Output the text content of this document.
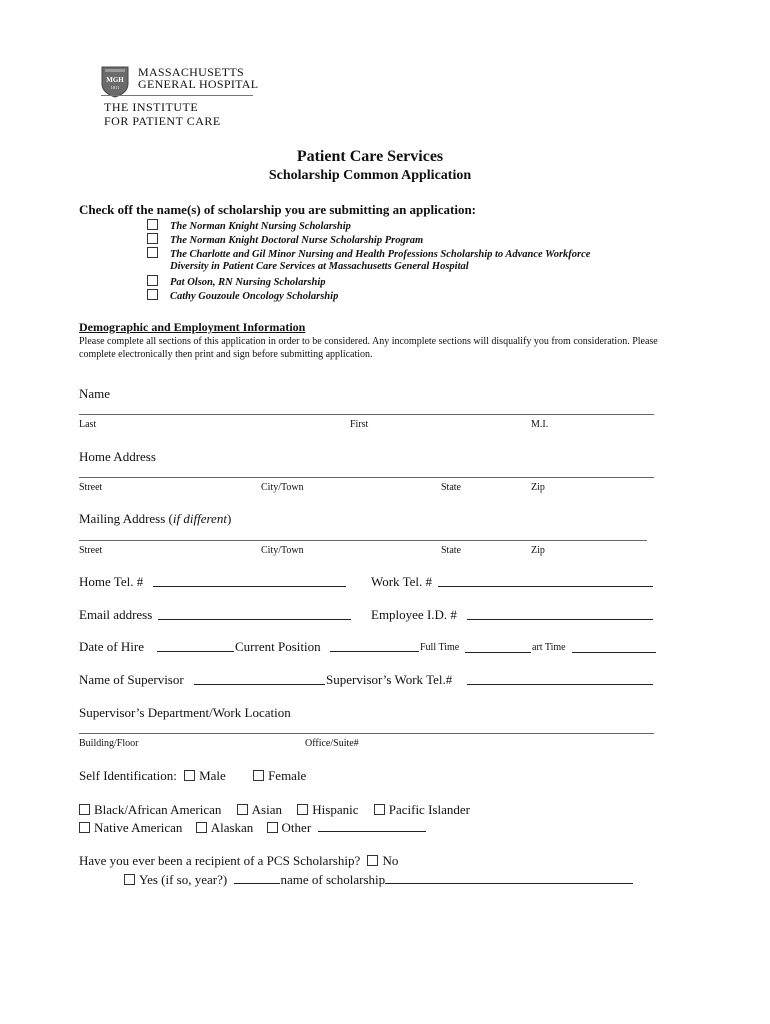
MGH
1811
MASSACHUSETTS
GENERAL HOSPITAL
THE INSTITUTE
FOR PATIENT CARE
Patient Care Services
Scholarship Common Application
Check off the name(s) of scholarship you are submitting an application:
The Norman Knight Nursing Scholarship
The Norman Knight Doctoral Nurse Scholarship Program
The Charlotte and Gil Minor Nursing and Health Professions Scholarship to Advance Workforce
Diversity in Patient Care Services at Massachusetts General Hospital
Pat Olson, RN Nursing Scholarship
Cathy Gouzoule Oncology Scholarship
Demographic and Employment Information
Please complete all sections of this application in order to be considered. Any incomplete sections will disqualify you from consideration. Please complete electronically then print and sign before submitting application.
Name
Last	First	M.I.
Home Address
Street	City/Town	State	Zip
Mailing Address (if different)
Street	City/Town	State	Zip
Home Tel. #	Work Tel. #
Email address	Employee I.D. #
Date of Hire	Current Position	Full Time	art Time
Name of Supervisor	Supervisor’s Work Tel.#
Supervisor’s Department/Work Location
Building/Floor	Office/Suite#
Self Identification: Male	Female
Black/African American Asian Hispanic Pacific Islander
Native American Alaskan Other
Have you ever been a recipient of a PCS Scholarship? No
Yes (if so, year?)	name of scholarship
